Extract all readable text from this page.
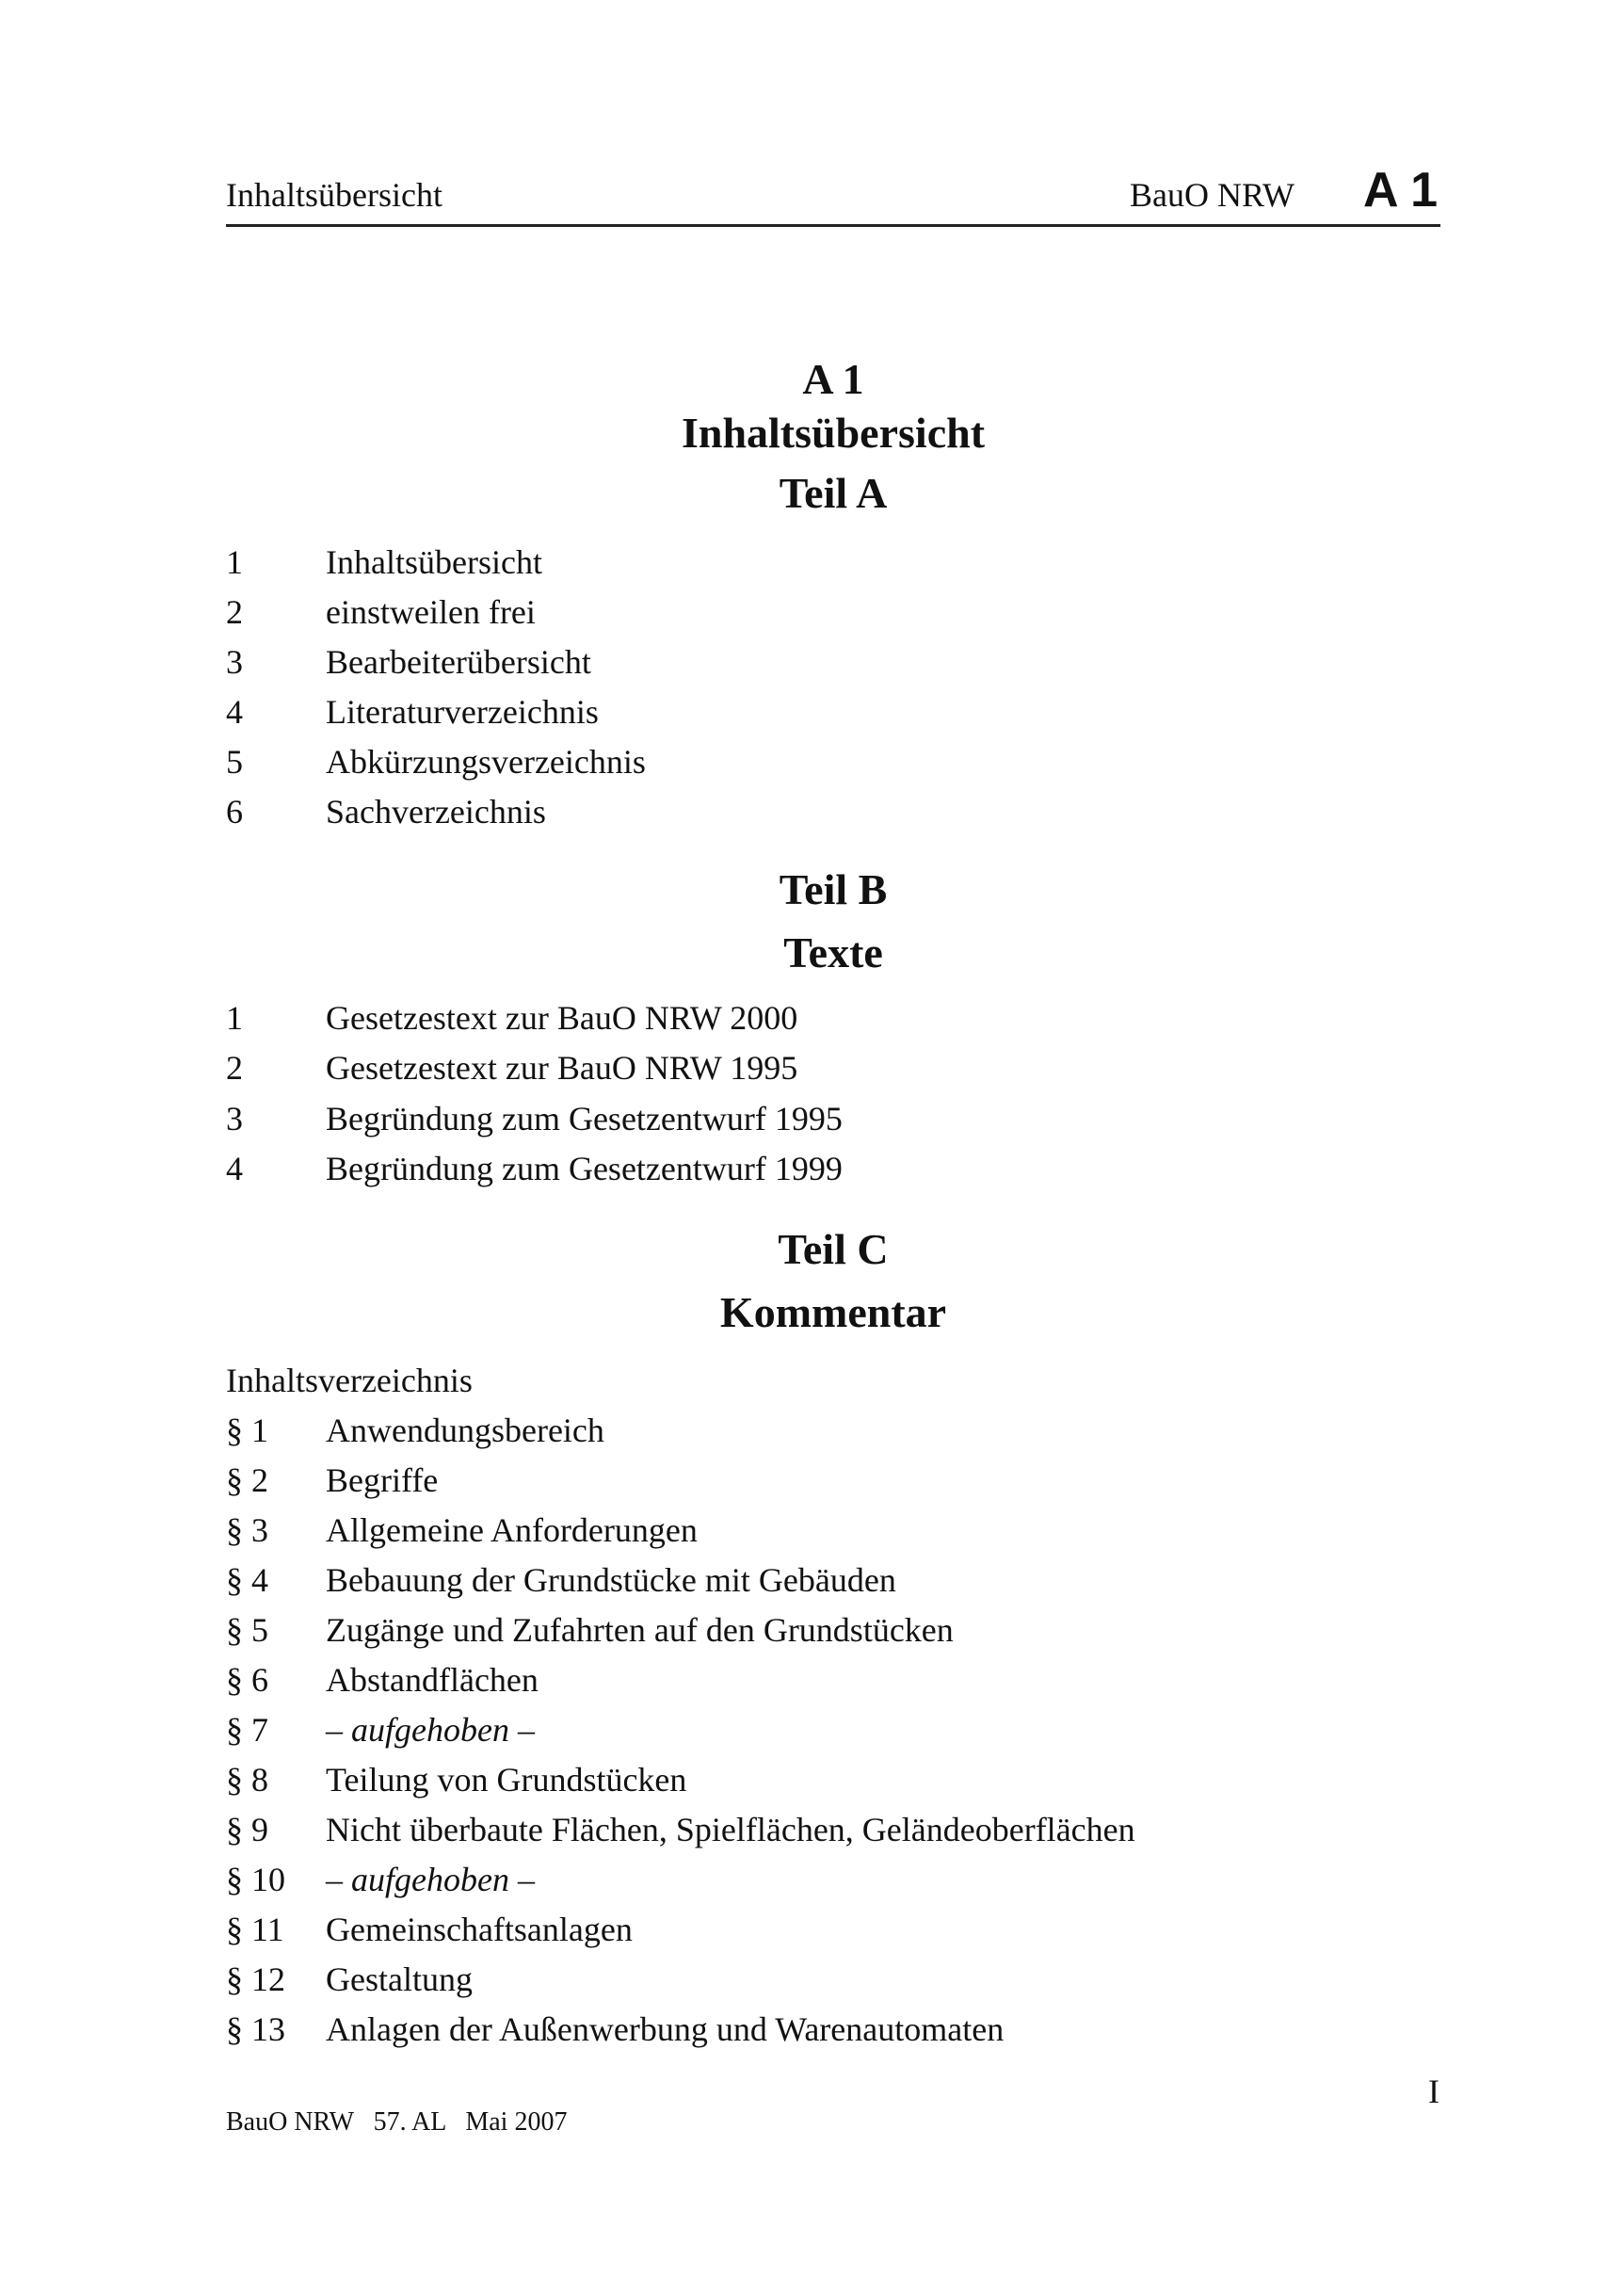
Inhaltsübersicht	BauO NRW A 1
A 1
Inhaltsübersicht
Teil A
1 Inhaltsübersicht
2 einstweilen frei
3 Bearbeiterübersicht
4 Literaturverzeichnis
5 Abkürzungsverzeichnis
6 Sachverzeichnis
Teil B
Texte
1 Gesetzestext zur BauO NRW 2000
2 Gesetzestext zur BauO NRW 1995
3 Begründung zum Gesetzentwurf 1995
4 Begründung zum Gesetzentwurf 1999
Teil C
Kommentar
Inhaltsverzeichnis
§ 1 Anwendungsbereich
§ 2 Begriffe
§ 3 Allgemeine Anforderungen
§ 4 Bebauung der Grundstücke mit Gebäuden
§ 5 Zugänge und Zufahrten auf den Grundstücken
§ 6 Abstandflächen
§ 7 – aufgehoben –
§ 8 Teilung von Grundstücken
§ 9 Nicht überbaute Flächen, Spielflächen, Geländeoberflächen
§ 10 – aufgehoben –
§ 11 Gemeinschaftsanlagen
§ 12 Gestaltung
§ 13 Anlagen der Außenwerbung und Warenautomaten
I
BauO NRW 57. AL Mai 2007
